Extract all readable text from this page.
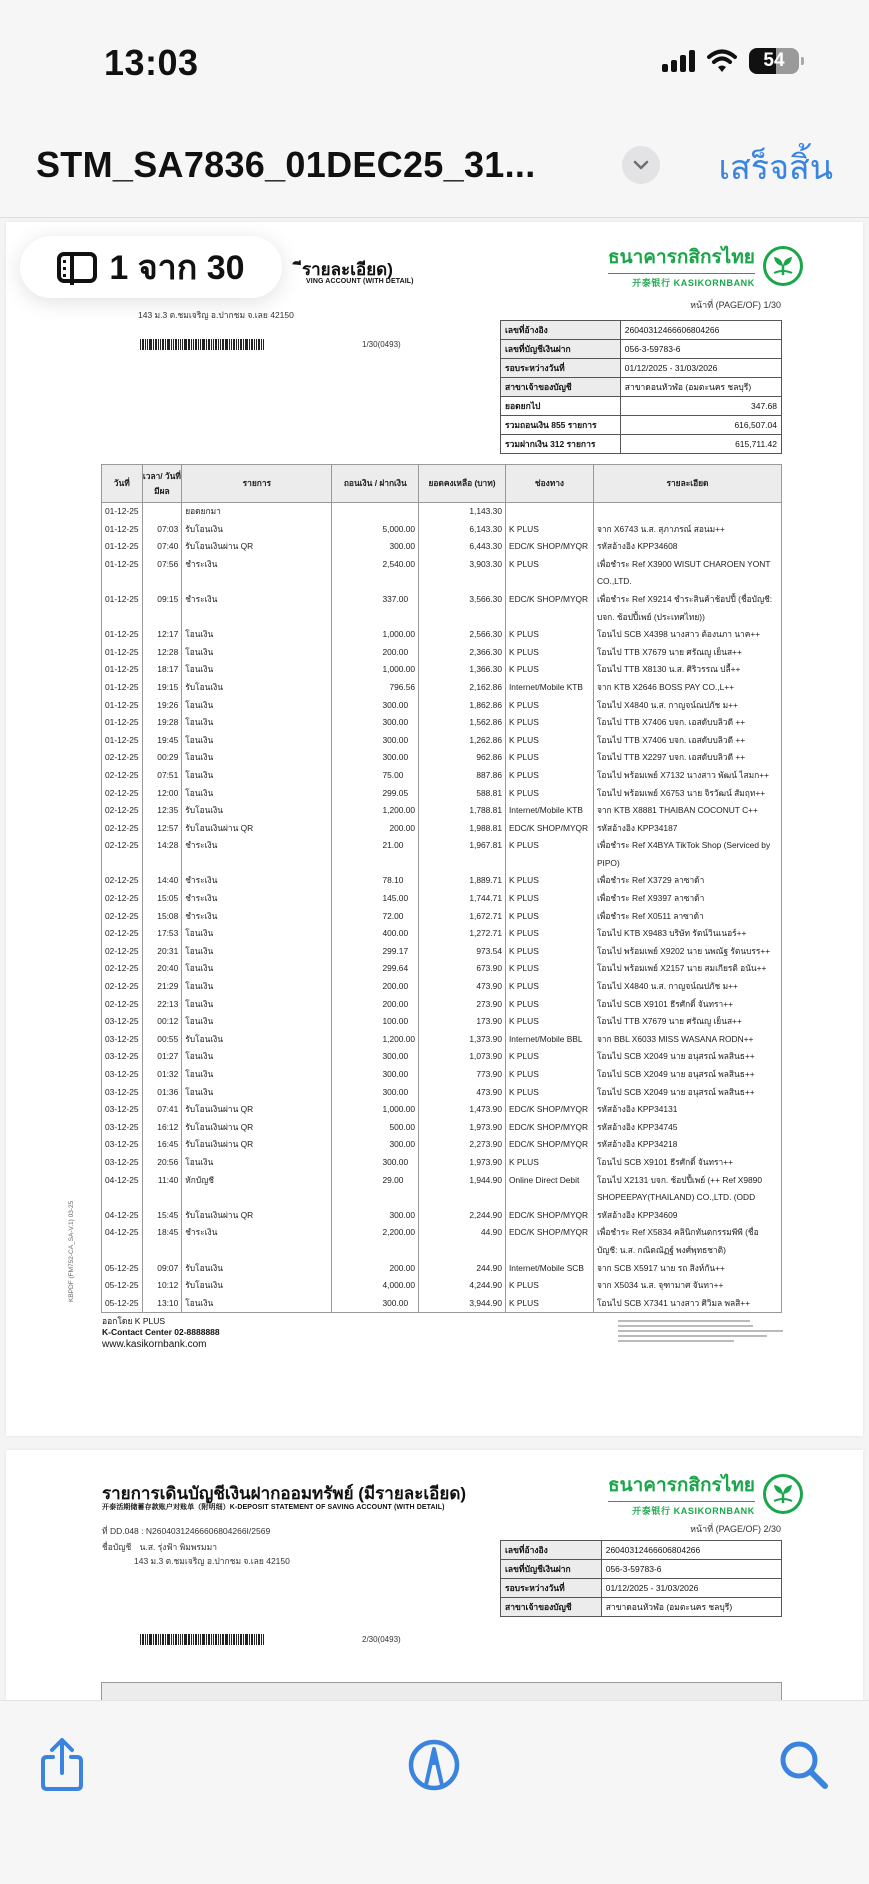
13:03	54
STM_SA7836_01DEC25_31...	เสร็จสิ้น
ีรายละเอียด)
VING ACCOUNT (WITH DETAIL)
ธนาคารกสิกรไทย
开泰银行 KASIKORNBANK
หน้าที่ (PAGE/OF) 1/30
143 ม.3 ต.ชมเจริญ อ.ปากชม จ.เลย 42150
เลขที่อ้างอิง	26040312466606804266
เลขที่บัญชีเงินฝาก	056-3-59783-6
รอบระหว่างวันที่	01/12/2025 - 31/03/2026
สาขาเจ้าของบัญชี	สาขาดอนหัวฬ่อ (อมตะนคร ชลบุรี)
ยอดยกไป	347.68
รวมถอนเงิน 855 รายการ	616,507.04
รวมฝากเงิน 312 รายการ	615,711.42
1/30(0493)
วันที่	เวลา/ วันที่มีผล	รายการ	ถอนเงิน / ฝากเงิน	ยอดคงเหลือ (บาท)	ช่องทาง	รายละเอียด
01-12-25		ยอดยกมา		1,143.30		
01-12-25	07:03	รับโอนเงิน	5,000.00	6,143.30	K PLUS	จาก X6743 น.ส. สุภาภรณ์ สอนม++
01-12-25	07:40	รับโอนเงินผ่าน QR	300.00	6,443.30	EDC/K SHOP/MYQR	รหัสอ้างอิง KPP34608
01-12-25	07:56	ชำระเงิน	2,540.00	3,903.30	K PLUS	เพื่อชำระ Ref X3900 WISUT CHAROEN YONT CO.,LTD.
01-12-25	09:15	ชำระเงิน	337.00	3,566.30	EDC/K SHOP/MYQR	เพื่อชำระ Ref X9214 ชำระสินค้าช้อปปี้ (ชื่อบัญชี: บจก. ช้อปปี้เพย์ (ประเทศไทย))
01-12-25	12:17	โอนเงิน	1,000.00	2,566.30	K PLUS	โอนไป SCB X4398 นางสาว ต้องนภา นาค++
01-12-25	12:28	โอนเงิน	200.00	2,366.30	K PLUS	โอนไป TTB X7679 นาย ศรัณญู เย็นส++
01-12-25	18:17	โอนเงิน	1,000.00	1,366.30	K PLUS	โอนไป TTB X8130 น.ส. ศิริวรรณ ปลื้++
01-12-25	19:15	รับโอนเงิน	796.56	2,162.86	Internet/Mobile KTB	จาก KTB X2646 BOSS PAY CO.,L++
01-12-25	19:26	โอนเงิน	300.00	1,862.86	K PLUS	โอนไป X4840 น.ส. กาญจน์ณปภัช ม++
01-12-25	19:28	โอนเงิน	300.00	1,562.86	K PLUS	โอนไป TTB X7406 บจก. เอสดับบลิวดี ++
01-12-25	19:45	โอนเงิน	300.00	1,262.86	K PLUS	โอนไป TTB X7406 บจก. เอสดับบลิวดี ++
02-12-25	00:29	โอนเงิน	300.00	962.86	K PLUS	โอนไป TTB X2297 บจก. เอสดับบลิวดี ++
02-12-25	07:51	โอนเงิน	75.00	887.86	K PLUS	โอนไป พร้อมเพย์ X7132 นางสาว พัฒน์ ไสมก++
02-12-25	12:00	โอนเงิน	299.05	588.81	K PLUS	โอนไป พร้อมเพย์ X6753 นาย จิรวัฒน์ สัมฤท++
02-12-25	12:35	รับโอนเงิน	1,200.00	1,788.81	Internet/Mobile KTB	จาก KTB X8881 THAIBAN COCONUT C++
02-12-25	12:57	รับโอนเงินผ่าน QR	200.00	1,988.81	EDC/K SHOP/MYQR	รหัสอ้างอิง KPP34187
02-12-25	14:28	ชำระเงิน	21.00	1,967.81	K PLUS	เพื่อชำระ Ref X4BYA TikTok Shop (Serviced by PIPO)
02-12-25	14:40	ชำระเงิน	78.10	1,889.71	K PLUS	เพื่อชำระ Ref X3729 ลาซาด้า
02-12-25	15:05	ชำระเงิน	145.00	1,744.71	K PLUS	เพื่อชำระ Ref X9397 ลาซาด้า
02-12-25	15:08	ชำระเงิน	72.00	1,672.71	K PLUS	เพื่อชำระ Ref X0511 ลาซาด้า
02-12-25	17:53	โอนเงิน	400.00	1,272.71	K PLUS	โอนไป KTB X9483 บริษัท รัตน์วินเนอร์++
02-12-25	20:31	โอนเงิน	299.17	973.54	K PLUS	โอนไป พร้อมเพย์ X9202 นาย นพณัฐ รัตนบรร++
02-12-25	20:40	โอนเงิน	299.64	673.90	K PLUS	โอนไป พร้อมเพย์ X2157 นาย สมเกียรติ อนัน++
02-12-25	21:29	โอนเงิน	200.00	473.90	K PLUS	โอนไป X4840 น.ส. กาญจน์ณปภัช ม++
02-12-25	22:13	โอนเงิน	200.00	273.90	K PLUS	โอนไป SCB X9101 ธีรศักดิ์ จันทรา++
03-12-25	00:12	โอนเงิน	100.00	173.90	K PLUS	โอนไป TTB X7679 นาย ศรัณญู เย็นส++
03-12-25	00:55	รับโอนเงิน	1,200.00	1,373.90	Internet/Mobile BBL	จาก BBL X6033 MISS WASANA RODN++
03-12-25	01:27	โอนเงิน	300.00	1,073.90	K PLUS	โอนไป SCB X2049 นาย อนุสรณ์ พลสินธ++
03-12-25	01:32	โอนเงิน	300.00	773.90	K PLUS	โอนไป SCB X2049 นาย อนุสรณ์ พลสินธ++
03-12-25	01:36	โอนเงิน	300.00	473.90	K PLUS	โอนไป SCB X2049 นาย อนุสรณ์ พลสินธ++
03-12-25	07:41	รับโอนเงินผ่าน QR	1,000.00	1,473.90	EDC/K SHOP/MYQR	รหัสอ้างอิง KPP34131
03-12-25	16:12	รับโอนเงินผ่าน QR	500.00	1,973.90	EDC/K SHOP/MYQR	รหัสอ้างอิง KPP34745
03-12-25	16:45	รับโอนเงินผ่าน QR	300.00	2,273.90	EDC/K SHOP/MYQR	รหัสอ้างอิง KPP34218
03-12-25	20:56	โอนเงิน	300.00	1,973.90	K PLUS	โอนไป SCB X9101 ธีรศักดิ์ จันทรา++
04-12-25	11:40	หักบัญชี	29.00	1,944.90	Online Direct Debit	โอนไป X2131 บจก. ช้อปปี้เพย์ (++ Ref X9890 SHOPEEPAY(THAILAND) CO.,LTD. (ODD
04-12-25	15:45	รับโอนเงินผ่าน QR	300.00	2,244.90	EDC/K SHOP/MYQR	รหัสอ้างอิง KPP34609
04-12-25	18:45	ชำระเงิน	2,200.00	44.90	EDC/K SHOP/MYQR	เพื่อชำระ Ref X5834 คลินิกทันตกรรมพีพี (ชื่อบัญชี: น.ส. กณิตณัฏฐ์ พงศ์พุทธชาติ)
05-12-25	09:07	รับโอนเงิน	200.00	244.90	Internet/Mobile SCB	จาก SCB X5917 นาย รถ สิงห์กัน++
05-12-25	10:12	รับโอนเงิน	4,000.00	4,244.90	K PLUS	จาก X5034 น.ส. จุฑามาศ จันทา++
05-12-25	13:10	โอนเงิน	300.00	3,944.90	K PLUS	โอนไป SCB X7341 นางสาว ศิวิมล พลสิ++
KBPDF (FM752-CA_SA-V.1) 03-25
ออกโดย K PLUS
K-Contact Center 02-8888888
www.kasikornbank.com
รายการเดินบัญชีเงินฝากออมทรัพย์ (มีรายละเอียด)
开泰活期储蓄存款账户对账单（附明细）K-DEPOSIT STATEMENT OF SAVING ACCOUNT (WITH DETAIL)
ที่ DD.048 : N26040312466606804266I/2569
ชื่อบัญชี น.ส. รุ่งฟ้า พิมพรมมา
143 ม.3 ต.ชมเจริญ อ.ปากชม จ.เลย 42150
ธนาคารกสิกรไทย
开泰银行 KASIKORNBANK
หน้าที่ (PAGE/OF) 2/30
เลขที่อ้างอิง	26040312466606804266
เลขที่บัญชีเงินฝาก	056-3-59783-6
รอบระหว่างวันที่	01/12/2025 - 31/03/2026
สาขาเจ้าของบัญชี	สาขาดอนหัวฬ่อ (อมตะนคร ชลบุรี)
2/30(0493)
1 จาก 30
